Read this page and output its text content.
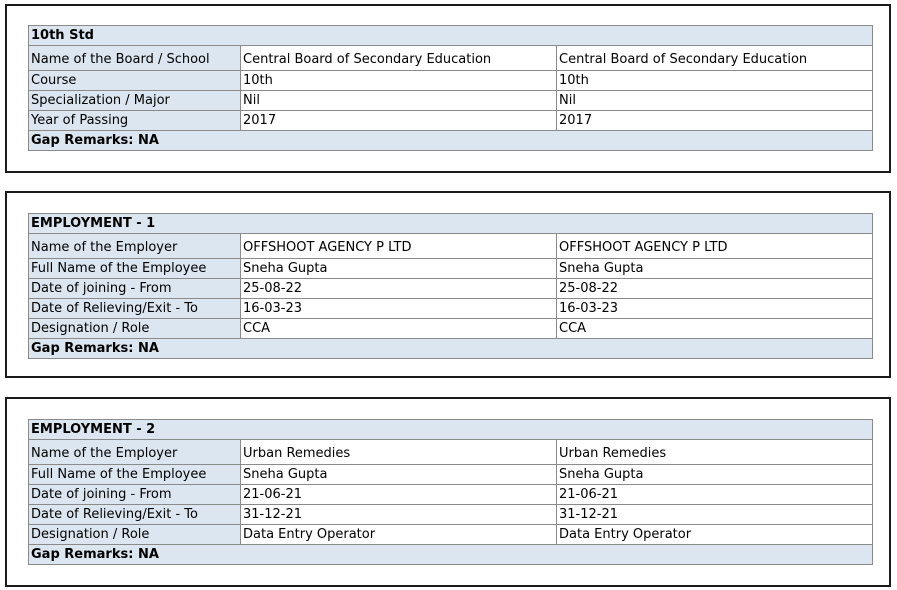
10th Std		
Name of the Board / School	Central Board of Secondary Education	Central Board of Secondary Education
Course	10th	10th
Specialization / Major	Nil	Nil
Year of Passing	2017	2017
Gap Remarks: NA		
EMPLOYMENT - 1		
Name of the Employer	OFFSHOOT AGENCY P LTD	OFFSHOOT AGENCY P LTD
Full Name of the Employee	Sneha Gupta	Sneha Gupta
Date of joining - From	25-08-22	25-08-22
Date of Relieving/Exit - To	16-03-23	16-03-23
Designation / Role	CCA	CCA
Gap Remarks: NA		
EMPLOYMENT - 2		
Name of the Employer	Urban Remedies	Urban Remedies
Full Name of the Employee	Sneha Gupta	Sneha Gupta
Date of joining - From	21-06-21	21-06-21
Date of Relieving/Exit - To	31-12-21	31-12-21
Designation / Role	Data Entry Operator	Data Entry Operator
Gap Remarks: NA		
